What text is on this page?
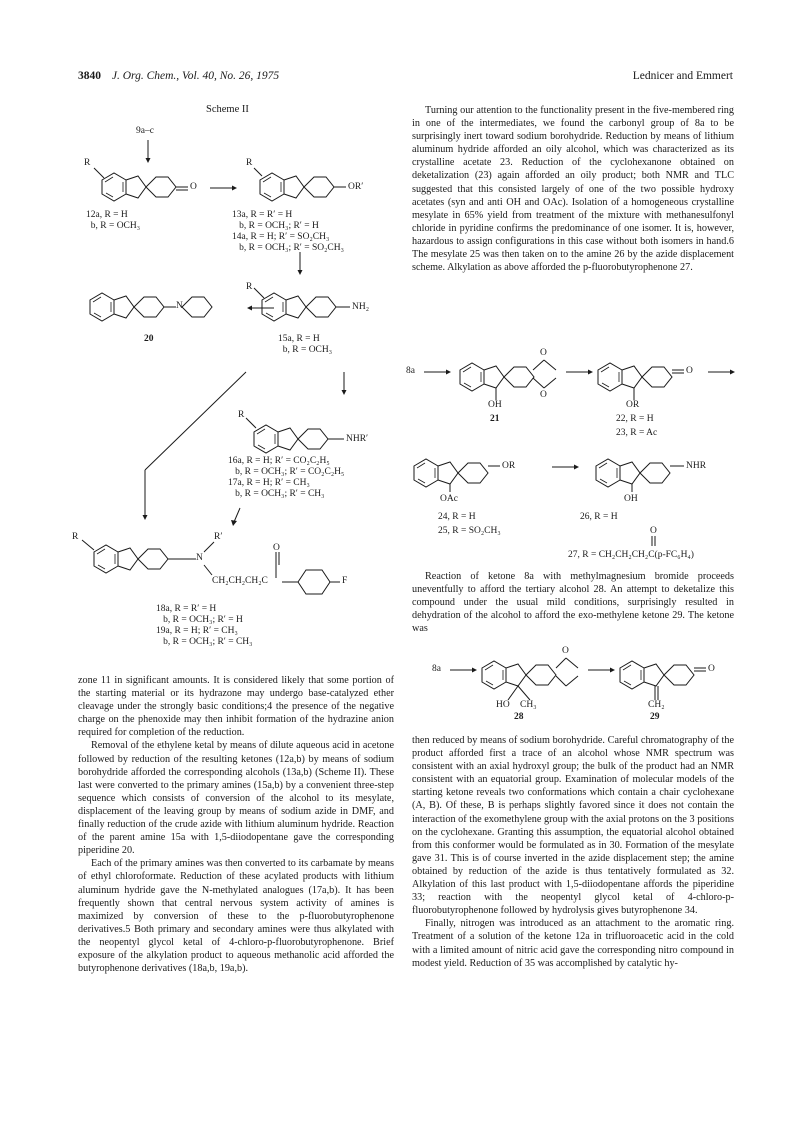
3840 J. Org. Chem., Vol. 40, No. 26, 1975	Lednicer and Emmert
Scheme II
9a–c
R
O
R
OR′
12a, R = H
b, R = OCH₃
13a, R = R′ = H
b, R = OCH₃; R′ = H
14a, R = H; R′ = SO₂CH₃
b, R = OCH₃; R′ = SO₂CH₃
R
N	NH₂
20	15a, R = H
b, R = OCH₃
R
NHR′
16a, R = H; R′ = CO₂C₂H₅
b, R = OCH₃; R′ = CO₂C₂H₅
17a, R = H; R′ = CH₃
b, R = OCH₃; R′ = CH₃
R	R′
N
O
CH₂CH₂CH₂C	F
18a, R = R′ = H
b, R = OCH₃; R′ = H
19a, R = H; R′ = CH₃
b, R = OCH₃; R′ = CH₃
8a
O
O
O
OH	OR
21	22, R = H
23, R = Ac
OR	NHR
OAc	OH
24, R = H
25, R = SO₂CH₃
26, R = H
O
27, R = CH₂CH₂CH₂C(p-FC₆H₄)
8a
O
O
HO CH₃	CH₂
28	29

zone 11 in significant amounts. It is considered likely that some portion of the starting material or its hydrazone may undergo base-catalyzed ether cleavage under the strongly basic conditions;4 the presence of the negative charge on the phenoxide may then inhibit formation of the hydrazine anion required for completion of the reduction.

Removal of the ethylene ketal by means of dilute aqueous acid in acetone followed by reduction of the resulting ketones (12a,b) by means of sodium borohydride afforded the corresponding alcohols (13a,b) (Scheme II). These last were converted to the primary amines (15a,b) by a convenient three-step sequence which consists of conversion of the alcohol to its mesylate, displacement of the leaving group by means of sodium azide in DMF, and finally reduction of the crude azide with lithium aluminum hydride. Reaction of the parent amine 15a with 1,5-diiodopentane gave the corresponding piperidine 20.

Each of the primary amines was then converted to its carbamate by means of ethyl chloroformate. Reduction of these acylated products with lithium aluminum hydride gave the N-methylated analogues (17a,b). It has been frequently shown that central nervous system activity of amines is maximized by conversion of these to the p-fluorobutyrophenone derivatives.5 Both primary and secondary amines were thus alkylated with the neopentyl glycol ketal of 4-chloro-p-fluorobutyrophenone. Brief exposure of the alkylation product to aqueous methanolic acid afforded the butyrophenone derivatives (18a,b, 19a,b).

Turning our attention to the functionality present in the five-membered ring in one of the intermediates, we found the carbonyl group of 8a to be surprisingly inert toward sodium borohydride. Reduction by means of lithium aluminum hydride afforded an oily alcohol, which was characterized as its crystalline acetate 23. Reduction of the cyclohexanone obtained on deketalization (23) again afforded an oily product; both NMR and TLC suggested that this consisted largely of one of the two possible hydroxy acetates (syn and anti OH and OAc). Isolation of a homogeneous crystalline mesylate in 65% yield from treatment of the mixture with methanesulfonyl chloride in pyridine confirms the predominance of one isomer. It is, however, hazardous to assign configurations in this case without both isomers in hand.6 The mesylate 25 was then taken on to the amine 26 by the azide displacement scheme. Alkylation as above afforded the p-fluorobutyrophenone 27.

Reaction of ketone 8a with methylmagnesium bromide proceeds uneventfully to afford the tertiary alcohol 28. An attempt to deketalize this compound under the usual mild conditions, surprisingly resulted in dehydration of the alcohol to afford the exo-methylene ketone 29. The ketone was

then reduced by means of sodium borohydride. Careful chromatography of the product afforded first a trace of an alcohol whose NMR spectrum was consistent with an axial hydroxyl group; the bulk of the product had an NMR consistent with an equatorial group. Examination of molecular models of the starting ketone reveals two conformations which contain a chair cyclohexane (A, B). Of these, B is perhaps slightly favored since it does not contain the interaction of the exomethylene group with the axial protons on the 3 positions on the cyclohexane. Granting this assumption, the equatorial alcohol obtained from this conformer would be formulated as in 30. Formation of the mesylate gave 31. This is of course inverted in the azide displacement step; the amine obtained by reduction of the azide is thus tentatively formulated as 32. Alkylation of this last product with 1,5-diiodopentane affords the piperidine 33; reaction with the neopentyl glycol ketal of 4-chloro-p-fluorobutyrophenone followed by hydrolysis gives butyrophenone 34.

Finally, nitrogen was introduced as an attachment to the aromatic ring. Treatment of a solution of the ketone 12a in trifluoroacetic acid in the cold with a limited amount of nitric acid gave the corresponding nitro compound in modest yield. Reduction of 35 was accomplished by catalytic hy-
